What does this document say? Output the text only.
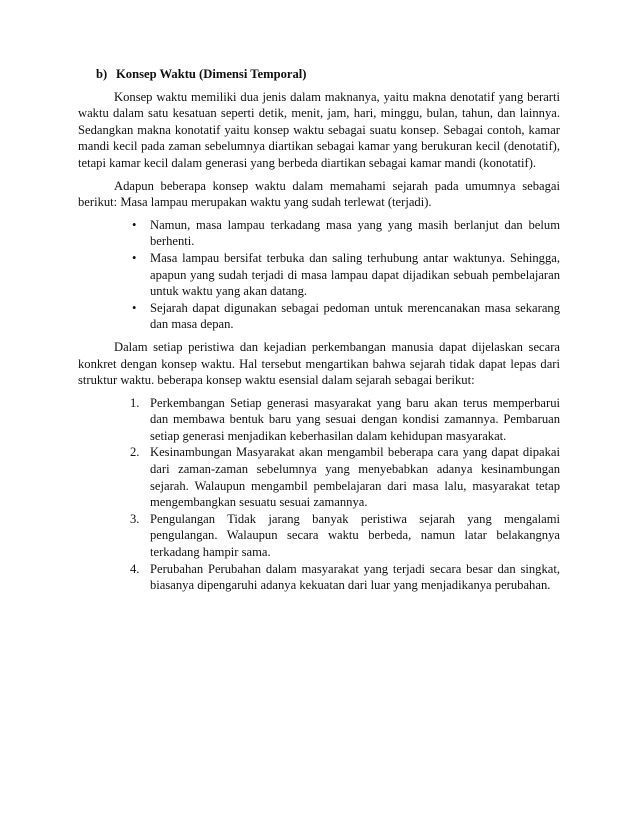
b) Konsep Waktu (Dimensi Temporal)

Konsep waktu memiliki dua jenis dalam maknanya, yaitu makna denotatif yang berarti waktu dalam satu kesatuan seperti detik, menit, jam, hari, minggu, bulan, tahun, dan lainnya. Sedangkan makna konotatif yaitu konsep waktu sebagai suatu konsep. Sebagai contoh, kamar mandi kecil pada zaman sebelumnya diartikan sebagai kamar yang berukuran kecil (denotatif), tetapi kamar kecil dalam generasi yang berbeda diartikan sebagai kamar mandi (konotatif).

Adapun beberapa konsep waktu dalam memahami sejarah pada umumnya sebagai berikut: Masa lampau merupakan waktu yang sudah terlewat (terjadi).

• Namun, masa lampau terkadang masa yang yang masih berlanjut dan belum berhenti.
• Masa lampau bersifat terbuka dan saling terhubung antar waktunya. Sehingga, apapun yang sudah terjadi di masa lampau dapat dijadikan sebuah pembelajaran untuk waktu yang akan datang.
• Sejarah dapat digunakan sebagai pedoman untuk merencanakan masa sekarang dan masa depan.

Dalam setiap peristiwa dan kejadian perkembangan manusia dapat dijelaskan secara konkret dengan konsep waktu. Hal tersebut mengartikan bahwa sejarah tidak dapat lepas dari struktur waktu. beberapa konsep waktu esensial dalam sejarah sebagai berikut:

1. Perkembangan Setiap generasi masyarakat yang baru akan terus memperbarui dan membawa bentuk baru yang sesuai dengan kondisi zamannya. Pembaruan setiap generasi menjadikan keberhasilan dalam kehidupan masyarakat.
2. Kesinambungan Masyarakat akan mengambil beberapa cara yang dapat dipakai dari zaman-zaman sebelumnya yang menyebabkan adanya kesinambungan sejarah. Walaupun mengambil pembelajaran dari masa lalu, masyarakat tetap mengembangkan sesuatu sesuai zamannya.
3. Pengulangan Tidak jarang banyak peristiwa sejarah yang mengalami pengulangan. Walaupun secara waktu berbeda, namun latar belakangnya terkadang hampir sama.
4. Perubahan Perubahan dalam masyarakat yang terjadi secara besar dan singkat, biasanya dipengaruhi adanya kekuatan dari luar yang menjadikanya perubahan.
